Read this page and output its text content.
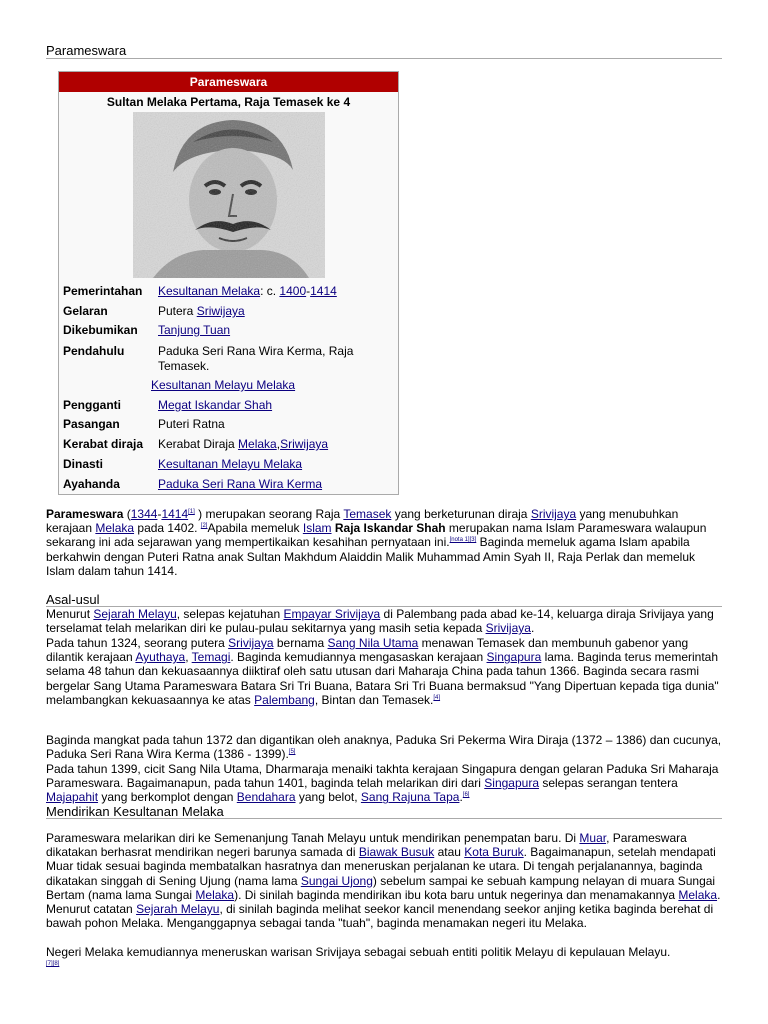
Parameswara
Parameswara
Sultan Melaka Pertama, Raja Temasek ke 4
Pemerintahan	Kesultanan Melaka: c. 1400-1414
Gelaran	Putera Sriwijaya
Dikebumikan	Tanjung Tuan
Pendahulu	Paduka Seri Rana Wira Kerma, Raja Temasek.
Kesultanan Melayu Melaka
Pengganti	Megat Iskandar Shah
Pasangan	Puteri Ratna
Kerabat diraja	Kerabat Diraja Melaka,Sriwijaya
Dinasti	Kesultanan Melayu Melaka
Ayahanda	Paduka Seri Rana Wira Kerma
Parameswara (1344-1414[1] ) merupakan seorang Raja Temasek yang berketurunan diraja Srivijaya yang menubuhkan kerajaan Melaka pada 1402. [2]Apabila memeluk Islam Raja Iskandar Shah merupakan nama Islam Parameswara walaupun sekarang ini ada sejarawan yang mempertikaikan kesahihan pernyataan ini.[nota 1][3] Baginda memeluk agama Islam apabila berkahwin dengan Puteri Ratna anak Sultan Makhdum Alaiddin Malik Muhammad Amin Syah II, Raja Perlak dan memeluk Islam dalam tahun 1414.
Asal-usul
Menurut Sejarah Melayu, selepas kejatuhan Empayar Srivijaya di Palembang pada abad ke-14, keluarga diraja Srivijaya yang terselamat telah melarikan diri ke pulau-pulau sekitarnya yang masih setia kepada Srivijaya.
Pada tahun 1324, seorang putera Srivijaya bernama Sang Nila Utama menawan Temasek dan membunuh gabenor yang dilantik kerajaan Ayuthaya, Temagi. Baginda kemudiannya mengasaskan kerajaan Singapura lama. Baginda terus memerintah selama 48 tahun dan kekuasaannya diiktiraf oleh satu utusan dari Maharaja China pada tahun 1366. Baginda secara rasmi bergelar Sang Utama Parameswara Batara Sri Tri Buana, Batara Sri Tri Buana bermaksud "Yang Dipertuan kepada tiga dunia" melambangkan kekuasaannya ke atas Palembang, Bintan dan Temasek.[4]
Baginda mangkat pada tahun 1372 dan digantikan oleh anaknya, Paduka Sri Pekerma Wira Diraja (1372 – 1386) dan cucunya, Paduka Seri Rana Wira Kerma (1386 - 1399).[5]
Pada tahun 1399, cicit Sang Nila Utama, Dharmaraja menaiki takhta kerajaan Singapura dengan gelaran Paduka Sri Maharaja Parameswara. Bagaimanapun, pada tahun 1401, baginda telah melarikan diri dari Singapura selepas serangan tentera Majapahit yang berkomplot dengan Bendahara yang belot, Sang Rajuna Tapa.[6]
Mendirikan Kesultanan Melaka
Parameswara melarikan diri ke Semenanjung Tanah Melayu untuk mendirikan penempatan baru. Di Muar, Parameswara dikatakan berhasrat mendirikan negeri barunya samada di Biawak Busuk atau Kota Buruk. Bagaimanapun, setelah mendapati Muar tidak sesuai baginda membatalkan hasratnya dan meneruskan perjalanan ke utara. Di tengah perjalanannya, baginda dikatakan singgah di Sening Ujung (nama lama Sungai Ujong) sebelum sampai ke sebuah kampung nelayan di muara Sungai Bertam (nama lama Sungai Melaka). Di sinilah baginda mendirikan ibu kota baru untuk negerinya dan menamakannya Melaka. Menurut catatan Sejarah Melayu, di sinilah baginda melihat seekor kancil menendang seekor anjing ketika baginda berehat di bawah pohon Melaka. Menganggapnya sebagai tanda "tuah", baginda menamakan negeri itu Melaka.
Negeri Melaka kemudiannya meneruskan warisan Srivijaya sebagai sebuah entiti politik Melayu di kepulauan Melayu.
[7][8]
